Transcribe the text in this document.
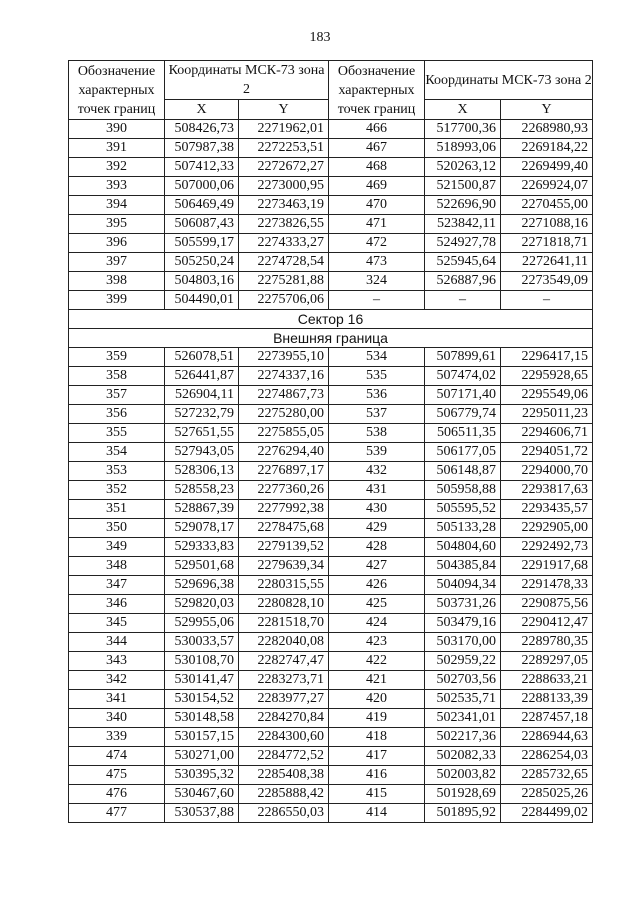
183
Обозначение характерных точек границ	Координаты МСК-73 зона 2		Обозначение характерных точек границ	Координаты МСК-73 зона 2	
	X	Y		X	Y
390	508426,73	2271962,01	466	517700,36	2268980,93
391	507987,38	2272253,51	467	518993,06	2269184,22
392	507412,33	2272672,27	468	520263,12	2269499,40
393	507000,06	2273000,95	469	521500,87	2269924,07
394	506469,49	2273463,19	470	522696,90	2270455,00
395	506087,43	2273826,55	471	523842,11	2271088,16
396	505599,17	2274333,27	472	524927,78	2271818,71
397	505250,24	2274728,54	473	525945,64	2272641,11
398	504803,16	2275281,88	324	526887,96	2273549,09
399	504490,01	2275706,06	–	–	–
Сектор 16					
Внешняя граница					
359	526078,51	2273955,10	534	507899,61	2296417,15
358	526441,87	2274337,16	535	507474,02	2295928,65
357	526904,11	2274867,73	536	507171,40	2295549,06
356	527232,79	2275280,00	537	506779,74	2295011,23
355	527651,55	2275855,05	538	506511,35	2294606,71
354	527943,05	2276294,40	539	506177,05	2294051,72
353	528306,13	2276897,17	432	506148,87	2294000,70
352	528558,23	2277360,26	431	505958,88	2293817,63
351	528867,39	2277992,38	430	505595,52	2293435,57
350	529078,17	2278475,68	429	505133,28	2292905,00
349	529333,83	2279139,52	428	504804,60	2292492,73
348	529501,68	2279639,34	427	504385,84	2291917,68
347	529696,38	2280315,55	426	504094,34	2291478,33
346	529820,03	2280828,10	425	503731,26	2290875,56
345	529955,06	2281518,70	424	503479,16	2290412,47
344	530033,57	2282040,08	423	503170,00	2289780,35
343	530108,70	2282747,47	422	502959,22	2289297,05
342	530141,47	2283273,71	421	502703,56	2288633,21
341	530154,52	2283977,27	420	502535,71	2288133,39
340	530148,58	2284270,84	419	502341,01	2287457,18
339	530157,15	2284300,60	418	502217,36	2286944,63
474	530271,00	2284772,52	417	502082,33	2286254,03
475	530395,32	2285408,38	416	502003,82	2285732,65
476	530467,60	2285888,42	415	501928,69	2285025,26
477	530537,88	2286550,03	414	501895,92	2284499,02
